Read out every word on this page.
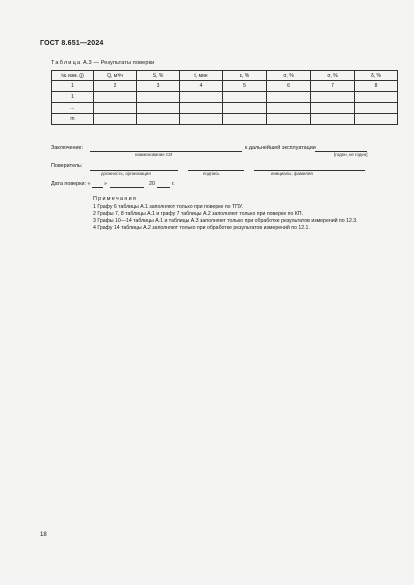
ГОСТ 8.651—2024
Таблица А.3 — Результаты поверки
№ изм. (j)	Q, м³/ч	S, %	t, мин	ε, %	σ, %	σ, %	δ, %
1	2	3	4	5	6	7	8
1							
...							
m							
Заключение:	к дальнейшей эксплуатации
наименование СИ	[годен, не годен]
Поверитель:
должность, организация	подпись	инициалы, фамилия
Дата поверки: « »	20	г.
Примечания
1 Графу 6 таблицы А.1 заполняют только при поверке по ТПУ.
2 Графы 7, 8 таблицы А.1 и графу 7 таблицы А.2 заполняют только при поверке по КП.
3 Графы 10—14 таблицы А.1 и таблицы А.3 заполняют только при обработке результатов измерений по 12.3.
4 Графу 14 таблицы А.2 заполняют только при обработке результатов измерений по 12.1.
18
